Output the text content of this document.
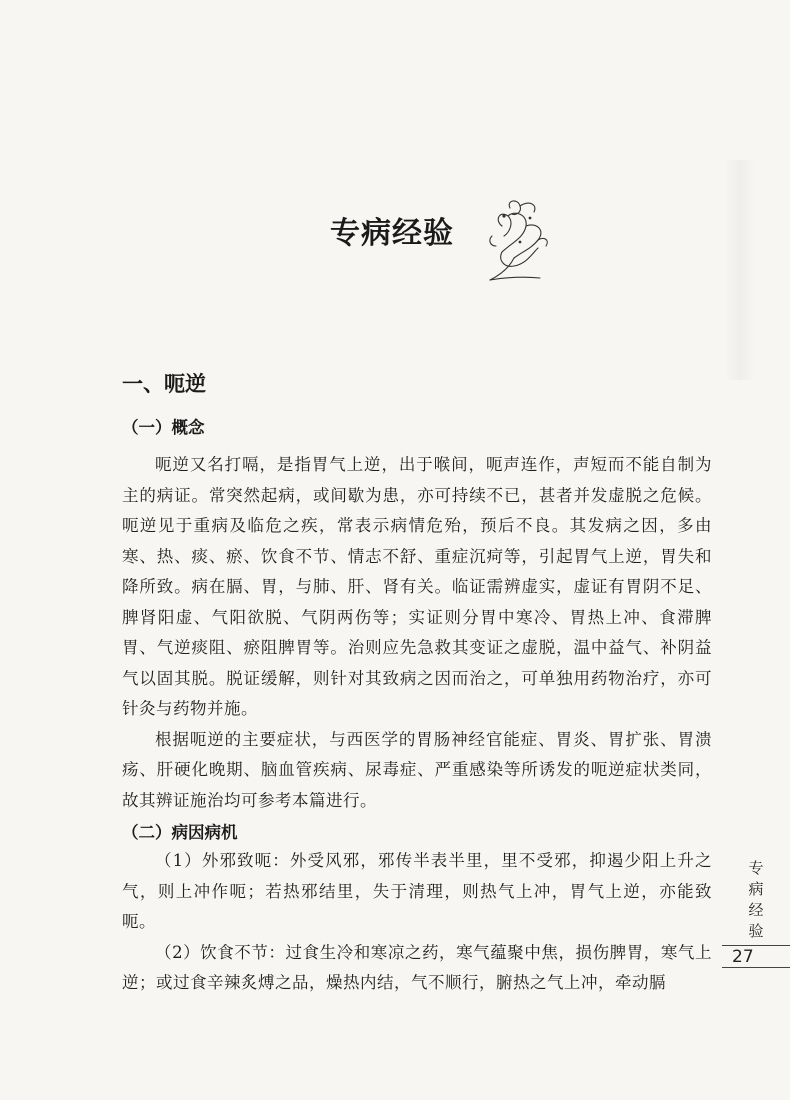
专病经验
一、呃逆
（一）概念

呃逆又名打嗝，是指胃气上逆，出于喉间，呃声连作，声短而不能自制为主的病证。常突然起病，或间歇为患，亦可持续不已，甚者并发虚脱之危候。呃逆见于重病及临危之疾，常表示病情危殆，预后不良。其发病之因，多由寒、热、痰、瘀、饮食不节、情志不舒、重症沉疴等，引起胃气上逆，胃失和降所致。病在膈、胃，与肺、肝、肾有关。临证需辨虚实，虚证有胃阴不足、脾肾阳虚、气阳欲脱、气阴两伤等；实证则分胃中寒冷、胃热上冲、食滞脾胃、气逆痰阻、瘀阻脾胃等。治则应先急救其变证之虚脱，温中益气、补阴益气以固其脱。脱证缓解，则针对其致病之因而治之，可单独用药物治疗，亦可针灸与药物并施。

根据呃逆的主要症状，与西医学的胃肠神经官能症、胃炎、胃扩张、胃溃疡、肝硬化晚期、脑血管疾病、尿毒症、严重感染等所诱发的呃逆症状类同，故其辨证施治均可参考本篇进行。

（二）病因病机

（1）外邪致呃：外受风邪，邪传半表半里，里不受邪，抑遏少阳上升之气，则上冲作呃；若热邪结里，失于清理，则热气上冲，胃气上逆，亦能致呃。

（2）饮食不节：过食生冷和寒凉之药，寒气蕴聚中焦，损伤脾胃，寒气上逆；或过食辛辣炙煿之品，燥热内结，气不顺行，腑热之气上冲，牵动膈

专
病
经
验
27
